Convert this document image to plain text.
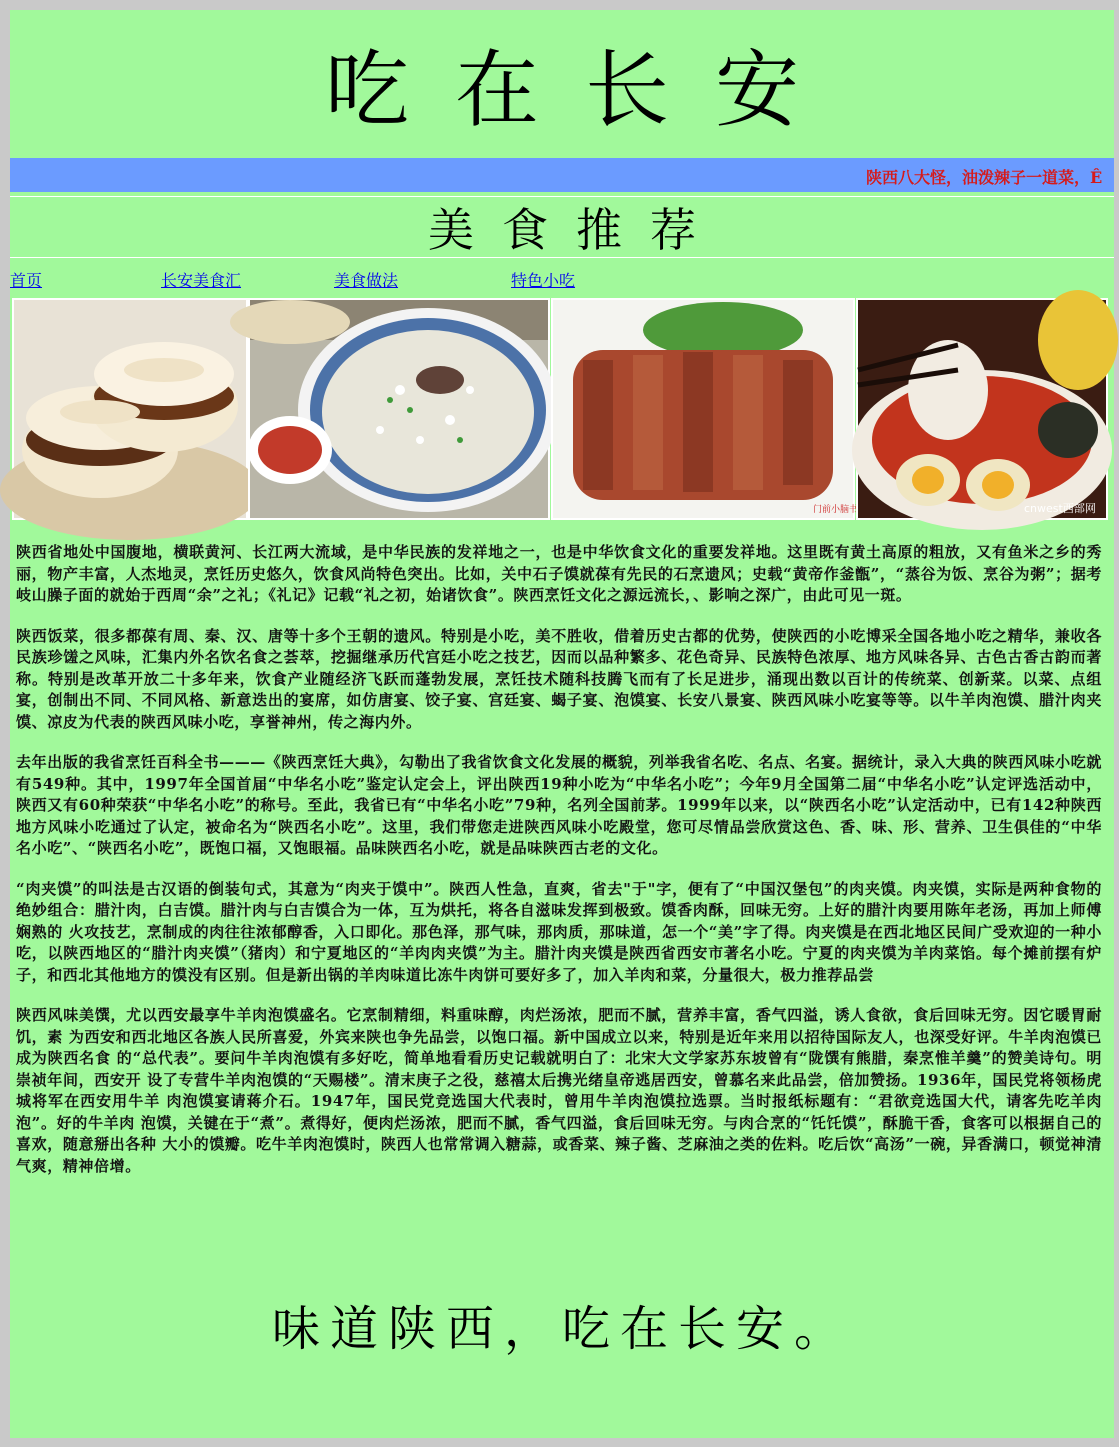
吃在长安
陕西八大怪，油泼辣子一道菜，Ê
美食推荐
首页	长安美食汇	美食做法	特色小吃
门前小脑书	cnwest西部网

陕西省地处中国腹地，横联黄河、长江两大流域，是中华民族的发祥地之一，也是中华饮食文化的重要发祥地。这里既有黄土高原的粗放，又有鱼米之乡的秀丽，物产丰富，人杰地灵，烹饪历史悠久，饮食风尚特色突出。比如，关中石子馍就葆有先民的石烹遗风；史载“黄帝作釜甑”，“蒸谷为饭、烹谷为粥”；据考岐山臊子面的就始于西周“余”之礼；《礼记》记载“礼之初，始诸饮食”。陕西烹饪文化之源远流长，、影响之深广，由此可见一斑。

陕西饭菜，很多都葆有周、秦、汉、唐等十多个王朝的遗风。特别是小吃，美不胜收，借着历史古都的优势，使陕西的小吃博采全国各地小吃之精华，兼收各民族珍馐之风味，汇集内外名饮名食之荟萃，挖掘继承历代宫廷小吃之技艺，因而以品种繁多、花色奇异、民族特色浓厚、地方风味各异、古色古香古韵而著称。特别是改革开放二十多年来，饮食产业随经济飞跃而蓬勃发展，烹饪技术随科技腾飞而有了长足进步，涌现出数以百计的传统菜、创新菜。以菜、点组宴，创制出不同、不同风格、新意迭出的宴席，如仿唐宴、饺子宴、宫廷宴、蝎子宴、泡馍宴、长安八景宴、陕西风味小吃宴等等。以牛羊肉泡馍、腊汁肉夹馍、凉皮为代表的陕西风味小吃，享誉神州，传之海内外。

去年出版的我省烹饪百科全书———《陕西烹饪大典》，勾勒出了我省饮食文化发展的概貌，列举我省名吃、名点、名宴。据统计，录入大典的陕西风味小吃就有549种。其中，1997年全国首届“中华名小吃”鉴定认定会上，评出陕西19种小吃为“中华名小吃”；今年9月全国第二届“中华名小吃”认定评选活动中，陕西又有60种荣获“中华名小吃”的称号。至此，我省已有“中华名小吃”79种，名列全国前茅。1999年以来，以“陕西名小吃”认定活动中，已有142种陕西地方风味小吃通过了认定，被命名为“陕西名小吃”。这里，我们带您走进陕西风味小吃殿堂，您可尽情品尝欣赏这色、香、味、形、营养、卫生俱佳的“中华名小吃”、“陕西名小吃”，既饱口福，又饱眼福。品味陕西名小吃，就是品味陕西古老的文化。

“肉夹馍”的叫法是古汉语的倒装句式，其意为“肉夹于馍中”。陕西人性急，直爽，省去"于"字，便有了“中国汉堡包”的肉夹馍。肉夹馍，实际是两种食物的 绝妙组合：腊汁肉，白吉馍。腊汁肉与白吉馍合为一体，互为烘托，将各自滋味发挥到极致。馍香肉酥，回味无穷。上好的腊汁肉要用陈年老汤，再加上师傅娴熟的 火攻技艺，烹制成的肉往往浓郁醇香，入口即化。那色泽，那气味，那肉质，那味道，怎一个“美”字了得。肉夹馍是在西北地区民间广受欢迎的一种小 吃，以陕西地区的“腊汁肉夹馍”（猪肉）和宁夏地区的“羊肉肉夹馍”为主。腊汁肉夹馍是陕西省西安市著名小吃。宁夏的肉夹馍为羊肉菜馅。每个摊前摆有炉 子，和西北其他地方的馍没有区别。但是新出锅的羊肉味道比冻牛肉饼可要好多了，加入羊肉和菜，分量很大，极力推荐品尝

陕西风味美馔，尤以西安最享牛羊肉泡馍盛名。它烹制精细，料重味醇，肉烂汤浓，肥而不腻，营养丰富，香气四溢，诱人食欲，食后回味无穷。因它暖胃耐饥，素 为西安和西北地区各族人民所喜爱，外宾来陕也争先品尝，以饱口福。新中国成立以来，特别是近年来用以招待国际友人，也深受好评。牛羊肉泡馍已成为陕西名食 的“总代表”。要问牛羊肉泡馍有多好吃，简单地看看历史记载就明白了：北宋大文学家苏东坡曾有“陇馔有熊腊，秦烹惟羊羹”的赞美诗句。明崇祯年间，西安开 设了专营牛羊肉泡馍的“天赐楼”。清末庚子之役，慈禧太后携光绪皇帝逃居西安，曾慕名来此品尝，倍加赞扬。1936年，国民党将领杨虎城将军在西安用牛羊 肉泡馍宴请蒋介石。1947年，国民党竞选国大代表时，曾用牛羊肉泡馍拉选票。当时报纸标题有：“君欲竞选国大代，请客先吃羊肉泡”。好的牛羊肉 泡馍，关键在于“煮”。煮得好，便肉烂汤浓，肥而不腻，香气四溢，食后回味无穷。与肉合烹的“饦饦馍”，酥脆干香，食客可以根据自己的喜欢，随意掰出各种 大小的馍瓣。吃牛羊肉泡馍时，陕西人也常常调入糖蒜，或香菜、辣子酱、芝麻油之类的佐料。吃后饮“高汤”一碗，异香满口，顿觉神清气爽，精神倍增。

味道陕西，吃在长安。
